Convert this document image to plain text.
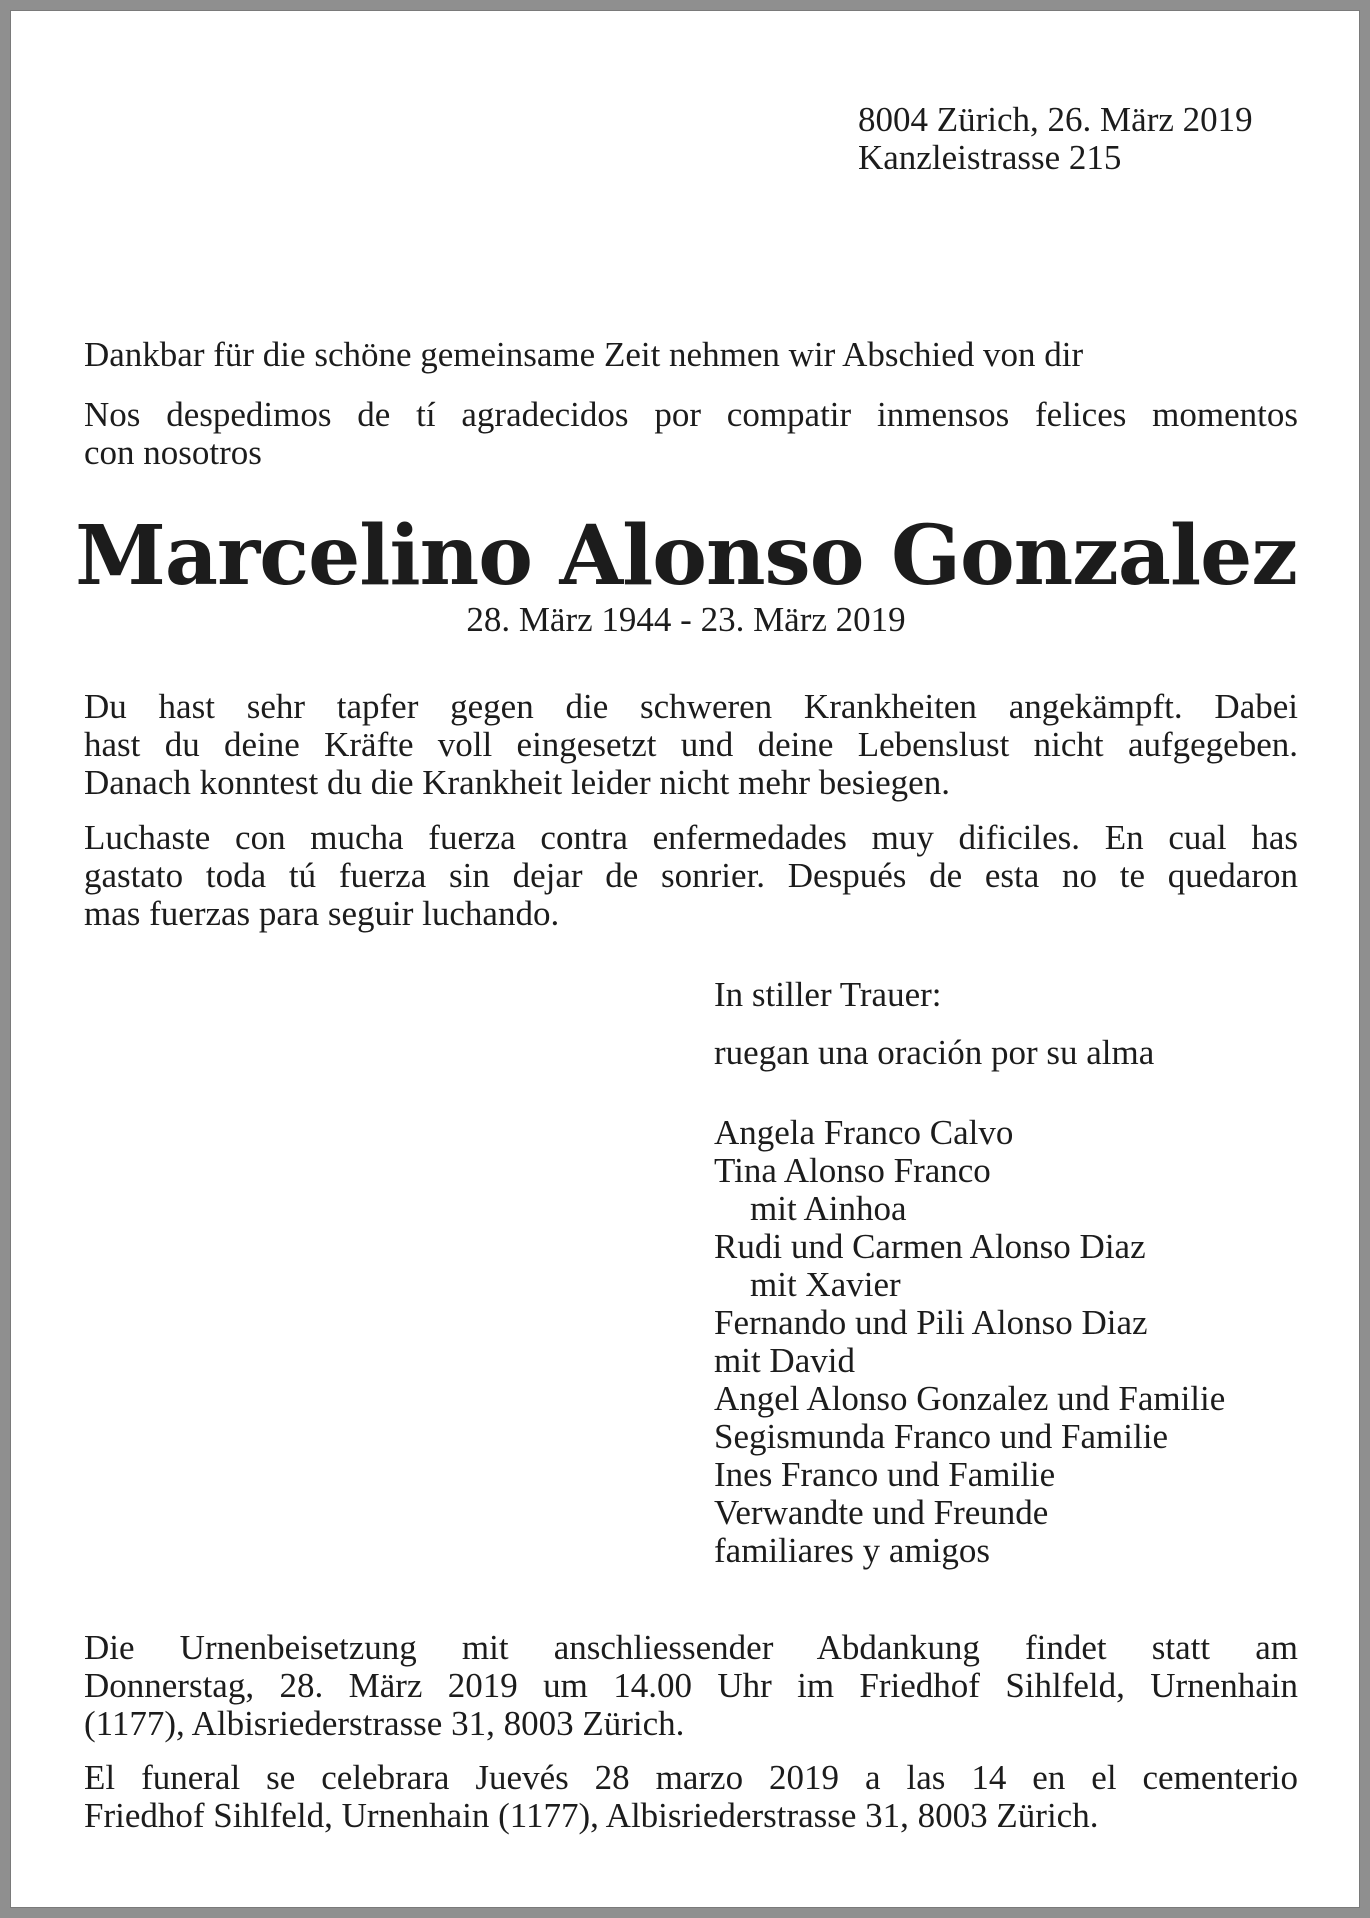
8004 Zürich, 26. März 2019
Kanzleistrasse 215
Dankbar für die schöne gemeinsame Zeit nehmen wir Abschied von dir
Nos despedimos de tí agradecidos por compatir inmensos felices momentos
con nosotros
Marcelino Alonso Gonzalez
28. März 1944 - 23. März 2019
Du hast sehr tapfer gegen die schweren Krankheiten angekämpft. Dabei
hast du deine Kräfte voll eingesetzt und deine Lebenslust nicht aufgegeben.
Danach konntest du die Krankheit leider nicht mehr besiegen.
Luchaste con mucha fuerza contra enfermedades muy dificiles. En cual has
gastato toda tú fuerza sin dejar de sonrier. Después de esta no te quedaron
mas fuerzas para seguir luchando.
In stiller Trauer:
ruegan una oración por su alma
Angela Franco Calvo
Tina Alonso Franco
mit Ainhoa
Rudi und Carmen Alonso Diaz
mit Xavier
Fernando und Pili Alonso Diaz
mit David
Angel Alonso Gonzalez und Familie
Segismunda Franco und Familie
Ines Franco und Familie
Verwandte und Freunde
familiares y amigos
Die Urnenbeisetzung mit anschliessender Abdankung findet statt am
Donnerstag, 28. März 2019 um 14.00 Uhr im Friedhof Sihlfeld, Urnenhain
(1177), Albisriederstrasse 31, 8003 Zürich.
El funeral se celebrara Juevés 28 marzo 2019 a las 14 en el cementerio
Friedhof Sihlfeld, Urnenhain (1177), Albisriederstrasse 31, 8003 Zürich.
